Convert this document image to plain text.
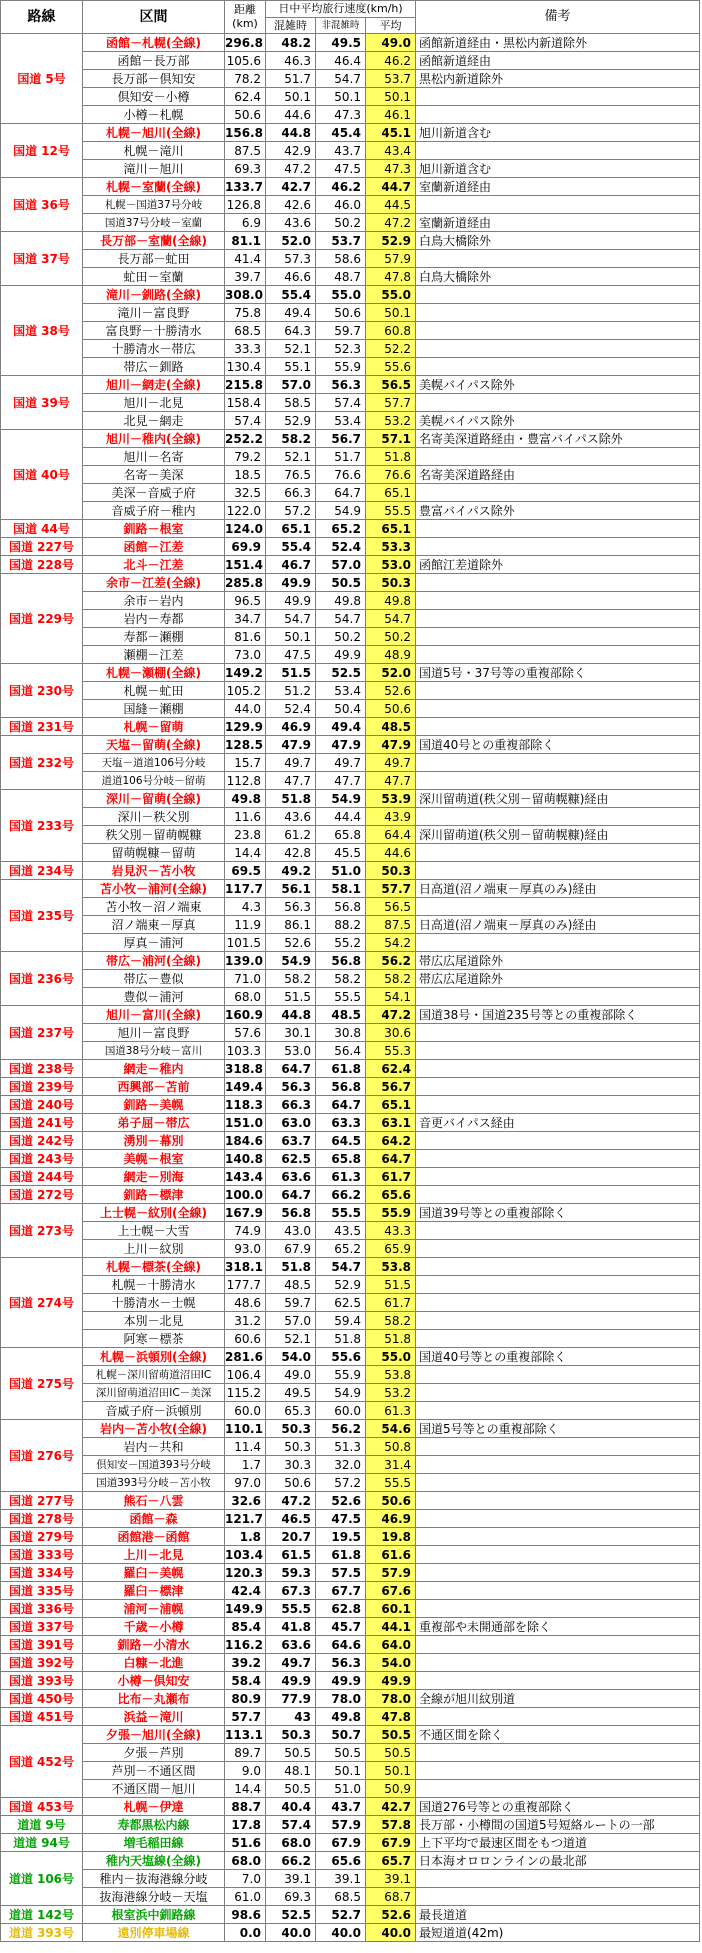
路線	区間	距離
(km)	日中平均旅行速度(km/h)			備考
			混雑時	非混雑時	平均	
国道 5号	函館－札幌(全線)	296.8	48.2	49.5	49.0	函館新道経由・黒松内新道除外
	函館－長万部	105.6	46.3	46.4	46.2	函館新道経由
	長万部－倶知安	78.2	51.7	54.7	53.7	黒松内新道除外
	倶知安－小樽	62.4	50.1	50.1	50.1	
	小樽－札幌	50.6	44.6	47.3	46.1	
国道 12号	札幌－旭川(全線)	156.8	44.8	45.4	45.1	旭川新道含む
	札幌－滝川	87.5	42.9	43.7	43.4	
	滝川－旭川	69.3	47.2	47.5	47.3	旭川新道含む
国道 36号	札幌－室蘭(全線)	133.7	42.7	46.2	44.7	室蘭新道経由
	札幌－国道37号分岐	126.8	42.6	46.0	44.5	
	国道37号分岐－室蘭	6.9	43.6	50.2	47.2	室蘭新道経由
国道 37号	長万部－室蘭(全線)	81.1	52.0	53.7	52.9	白鳥大橋除外
	長万部－虻田	41.4	57.3	58.6	57.9	
	虻田－室蘭	39.7	46.6	48.7	47.8	白鳥大橋除外
国道 38号	滝川－釧路(全線)	308.0	55.4	55.0	55.0	
	滝川－富良野	75.8	49.4	50.6	50.1	
	富良野－十勝清水	68.5	64.3	59.7	60.8	
	十勝清水－帯広	33.3	52.1	52.3	52.2	
	帯広－釧路	130.4	55.1	55.9	55.6	
国道 39号	旭川－網走(全線)	215.8	57.0	56.3	56.5	美幌バイパス除外
	旭川－北見	158.4	58.5	57.4	57.7	
	北見－網走	57.4	52.9	53.4	53.2	美幌バイパス除外
国道 40号	旭川－稚内(全線)	252.2	58.2	56.7	57.1	名寄美深道路経由・豊富バイパス除外
	旭川－名寄	79.2	52.1	51.7	51.8	
	名寄－美深	18.5	76.5	76.6	76.6	名寄美深道路経由
	美深－音威子府	32.5	66.3	64.7	65.1	
	音威子府－稚内	122.0	57.2	54.9	55.5	豊富バイパス除外
国道 44号	釧路－根室	124.0	65.1	65.2	65.1	
国道 227号	函館－江差	69.9	55.4	52.4	53.3	
国道 228号	北斗－江差	151.4	46.7	57.0	53.0	函館江差道除外
国道 229号	余市－江差(全線)	285.8	49.9	50.5	50.3	
	余市－岩内	96.5	49.9	49.8	49.8	
	岩内－寿都	34.7	54.7	54.7	54.7	
	寿都－瀬棚	81.6	50.1	50.2	50.2	
	瀬棚－江差	73.0	47.5	49.9	48.9	
国道 230号	札幌－瀬棚(全線)	149.2	51.5	52.5	52.0	国道5号・37号等の重複部除く
	札幌－虻田	105.2	51.2	53.4	52.6	
	国縫－瀬棚	44.0	52.4	50.4	50.6	
国道 231号	札幌－留萌	129.9	46.9	49.4	48.5	
国道 232号	天塩－留萌(全線)	128.5	47.9	47.9	47.9	国道40号との重複部除く
	天塩－道道106号分岐	15.7	49.7	49.7	49.7	
	道道106号分岐－留萌	112.8	47.7	47.7	47.7	
国道 233号	深川－留萌(全線)	49.8	51.8	54.9	53.9	深川留萌道(秩父別－留萌幌糠)経由
	深川－秩父別	11.6	43.6	44.4	43.9	
	秩父別－留萌幌糠	23.8	61.2	65.8	64.4	深川留萌道(秩父別－留萌幌糠)経由
	留萌幌糠－留萌	14.4	42.8	45.5	44.6	
国道 234号	岩見沢－苫小牧	69.5	49.2	51.0	50.3	
国道 235号	苫小牧－浦河(全線)	117.7	56.1	58.1	57.7	日高道(沼ノ端東－厚真のみ)経由
	苫小牧－沼ノ端東	4.3	56.3	56.8	56.5	
	沼ノ端東－厚真	11.9	86.1	88.2	87.5	日高道(沼ノ端東－厚真のみ)経由
	厚真－浦河	101.5	52.6	55.2	54.2	
国道 236号	帯広－浦河(全線)	139.0	54.9	56.8	56.2	帯広広尾道除外
	帯広－豊似	71.0	58.2	58.2	58.2	帯広広尾道除外
	豊似－浦河	68.0	51.5	55.5	54.1	
国道 237号	旭川－富川(全線)	160.9	44.8	48.5	47.2	国道38号・国道235号等との重複部除く
	旭川－富良野	57.6	30.1	30.8	30.6	
	国道38号分岐－富川	103.3	53.0	56.4	55.3	
国道 238号	網走－稚内	318.8	64.7	61.8	62.4	
国道 239号	西興部－苫前	149.4	56.3	56.8	56.7	
国道 240号	釧路－美幌	118.3	66.3	64.7	65.1	
国道 241号	弟子屈－帯広	151.0	63.0	63.3	63.1	音更バイパス経由
国道 242号	湧別－幕別	184.6	63.7	64.5	64.2	
国道 243号	美幌－根室	140.8	62.5	65.8	64.7	
国道 244号	網走－別海	143.4	63.6	61.3	61.7	
国道 272号	釧路－標津	100.0	64.7	66.2	65.6	
国道 273号	上士幌－紋別(全線)	167.9	56.8	55.5	55.9	国道39号等との重複部除く
	上士幌－大雪	74.9	43.0	43.5	43.3	
	上川－紋別	93.0	67.9	65.2	65.9	
国道 274号	札幌－標茶(全線)	318.1	51.8	54.7	53.8	
	札幌－十勝清水	177.7	48.5	52.9	51.5	
	十勝清水－士幌	48.6	59.7	62.5	61.7	
	本別－北見	31.2	57.0	59.4	58.2	
	阿寒－標茶	60.6	52.1	51.8	51.8	
国道 275号	札幌－浜頓別(全線)	281.6	54.0	55.6	55.0	国道40号等との重複部除く
	札幌－深川留萌道沼田IC	106.4	49.0	55.9	53.8	
	深川留萌道沼田IC－美深	115.2	49.5	54.9	53.2	
	音威子府－浜頓別	60.0	65.3	60.0	61.3	
国道 276号	岩内－苫小牧(全線)	110.1	50.3	56.2	54.6	国道5号等との重複部除く
	岩内－共和	11.4	50.3	51.3	50.8	
	倶知安－国道393号分岐	1.7	30.3	32.0	31.4	
	国道393号分岐－苫小牧	97.0	50.6	57.2	55.5	
国道 277号	熊石－八雲	32.6	47.2	52.6	50.6	
国道 278号	函館－森	121.7	46.5	47.5	46.9	
国道 279号	函館港－函館	1.8	20.7	19.5	19.8	
国道 333号	上川－北見	103.4	61.5	61.8	61.6	
国道 334号	羅臼－美幌	120.3	59.3	57.5	57.9	
国道 335号	羅臼－標津	42.4	67.3	67.7	67.6	
国道 336号	浦河－浦幌	149.9	55.5	62.8	60.1	
国道 337号	千歳－小樽	85.4	41.8	45.7	44.1	重複部や未開通部を除く
国道 391号	釧路－小清水	116.2	63.6	64.6	64.0	
国道 392号	白糠－北進	39.2	49.7	56.3	54.0	
国道 393号	小樽－倶知安	58.4	49.9	49.9	49.9	
国道 450号	比布－丸瀬布	80.9	77.9	78.0	78.0	全線が旭川紋別道
国道 451号	浜益－滝川	57.7	43	49.8	47.8	
国道 452号	夕張－旭川(全線)	113.1	50.3	50.7	50.5	不通区間を除く
	夕張－芦別	89.7	50.5	50.5	50.5	
	芦別－不通区間	9.0	48.1	50.1	50.1	
	不通区間－旭川	14.4	50.5	51.0	50.9	
国道 453号	札幌－伊達	88.7	40.4	43.7	42.7	国道276号等との重複部除く
道道 9号	寿都黒松内線	17.8	57.4	57.9	57.8	長万部・小樽間の国道5号短絡ルートの一部
道道 94号	増毛稲田線	51.6	68.0	67.9	67.9	上下平均で最速区間をもつ道道
道道 106号	稚内天塩線(全線)	68.0	66.2	65.6	65.7	日本海オロロンラインの最北部
	稚内－抜海港線分岐	7.0	39.1	39.1	39.1	
	抜海港線分岐－天塩	61.0	69.3	68.5	68.7	
道道 142号	根室浜中釧路線	98.6	52.5	52.7	52.6	最長道道
道道 393号	遠別停車場線	0.0	40.0	40.0	40.0	最短道道(42m)
